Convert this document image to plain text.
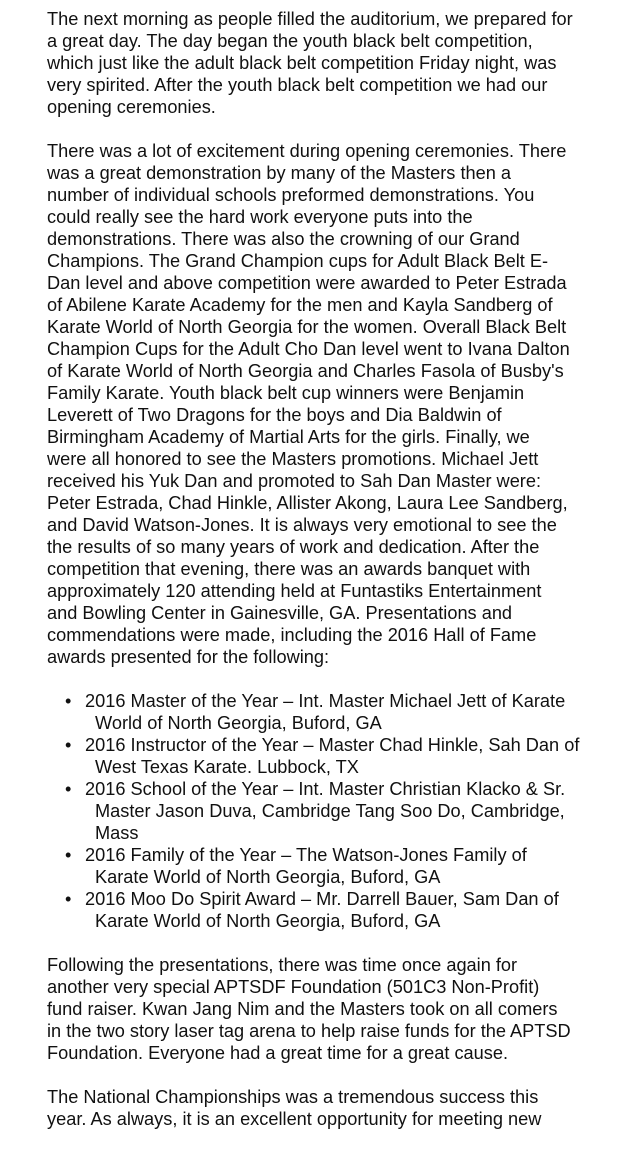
The next morning as people filled the auditorium, we prepared for
a great day. The day began the youth black belt competition,
which just like the adult black belt competition Friday night, was
very spirited. After the youth black belt competition we had our
opening ceremonies.

There was a lot of excitement during opening ceremonies. There
was a great demonstration by many of the Masters then a
number of individual schools preformed demonstrations. You
could really see the hard work everyone puts into the
demonstrations. There was also the crowning of our Grand
Champions. The Grand Champion cups for Adult Black Belt E-
Dan level and above competition were awarded to Peter Estrada
of Abilene Karate Academy for the men and Kayla Sandberg of
Karate World of North Georgia for the women. Overall Black Belt
Champion Cups for the Adult Cho Dan level went to Ivana Dalton
of Karate World of North Georgia and Charles Fasola of Busby's
Family Karate. Youth black belt cup winners were Benjamin
Leverett of Two Dragons for the boys and Dia Baldwin of
Birmingham Academy of Martial Arts for the girls. Finally, we
were all honored to see the Masters promotions. Michael Jett
received his Yuk Dan and promoted to Sah Dan Master were:
Peter Estrada, Chad Hinkle, Allister Akong, Laura Lee Sandberg,
and David Watson-Jones. It is always very emotional to see the
the results of so many years of work and dedication. After the
competition that evening, there was an awards banquet with
approximately 120 attending held at Funtastiks Entertainment
and Bowling Center in Gainesville, GA. Presentations and
commendations were made, including the 2016 Hall of Fame
awards presented for the following:

• 2016 Master of the Year – Int. Master Michael Jett of Karate
World of North Georgia, Buford, GA
• 2016 Instructor of the Year – Master Chad Hinkle, Sah Dan of
West Texas Karate. Lubbock, TX
• 2016 School of the Year – Int. Master Christian Klacko & Sr.
Master Jason Duva, Cambridge Tang Soo Do, Cambridge,
Mass
• 2016 Family of the Year – The Watson-Jones Family of
Karate World of North Georgia, Buford, GA
• 2016 Moo Do Spirit Award – Mr. Darrell Bauer, Sam Dan of
Karate World of North Georgia, Buford, GA

Following the presentations, there was time once again for
another very special APTSDF Foundation (501C3 Non-Profit)
fund raiser. Kwan Jang Nim and the Masters took on all comers
in the two story laser tag arena to help raise funds for the APTSD
Foundation. Everyone had a great time for a great cause.

The National Championships was a tremendous success this
year. As always, it is an excellent opportunity for meeting new
